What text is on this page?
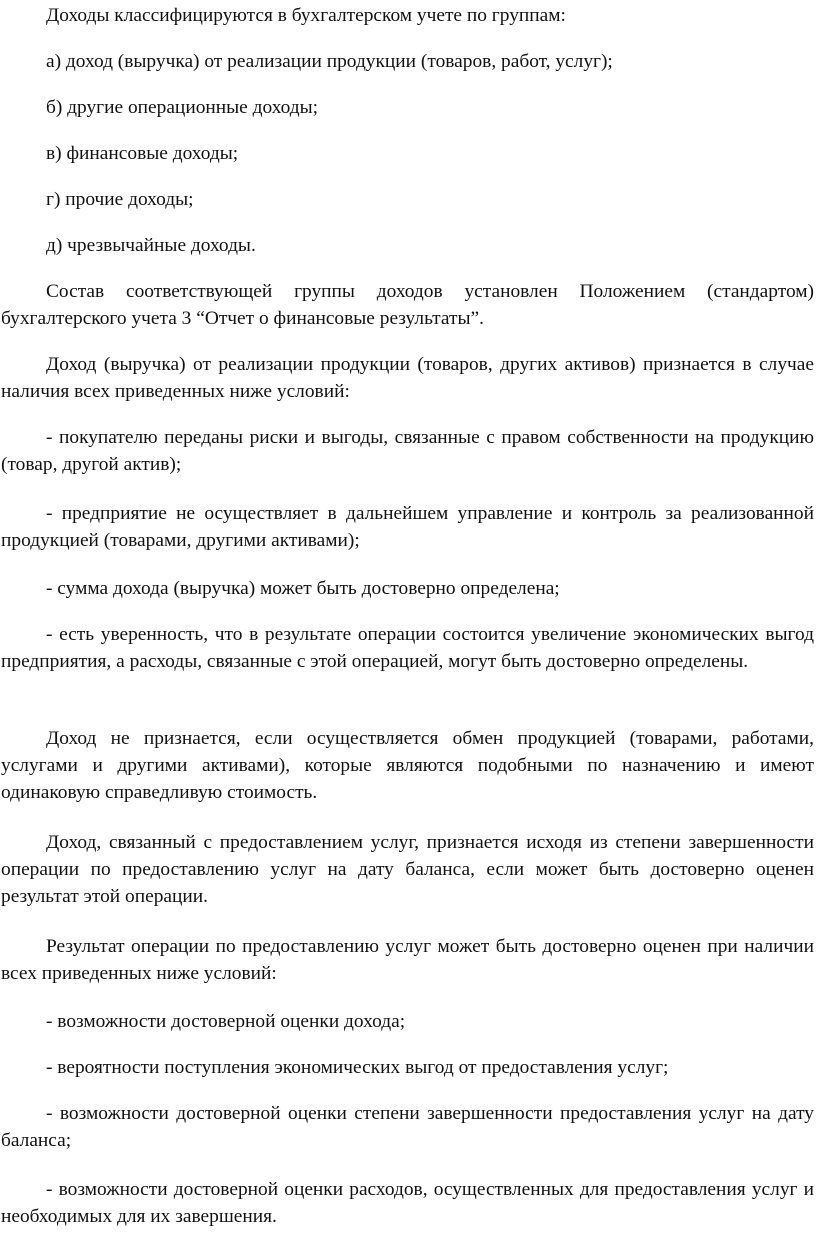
Доходы классифицируются в бухгалтерском учете по группам:

а) доход (выручка) от реализации продукции (товаров, работ, услуг);

б) другие операционные доходы;

в) финансовые доходы;

г) прочие доходы;

д) чрезвычайные доходы.

Состав соответствующей группы доходов установлен Положением (стандартом) бухгалтерского учета 3 “Отчет о финансовые результаты”.

Доход (выручка) от реализации продукции (товаров, других активов) признается в случае наличия всех приведенных ниже условий:

- покупателю переданы риски и выгоды, связанные с правом собственности на продукцию (товар, другой актив);

- предприятие не осуществляет в дальнейшем управление и контроль за реализованной продукцией (товарами, другими активами);

- сумма дохода (выручка) может быть достоверно определена;

- есть уверенность, что в результате операции состоится увеличение экономических выгод предприятия, а расходы, связанные с этой операцией, могут быть достоверно определены.

Доход не признается, если осуществляется обмен продукцией (товарами, работами, услугами и другими активами), которые являются подобными по назначению и имеют одинаковую справедливую стоимость.

Доход, связанный с предоставлением услуг, признается исходя из степени завершенности операции по предоставлению услуг на дату баланса, если может быть достоверно оценен результат этой операции.

Результат операции по предоставлению услуг может быть достоверно оценен при наличии всех приведенных ниже условий:

- возможности достоверной оценки дохода;

- вероятности поступления экономических выгод от предоставления услуг;

- возможности достоверной оценки степени завершенности предоставления услуг на дату баланса;

- возможности достоверной оценки расходов, осуществленных для предоставления услуг и необходимых для их завершения.
